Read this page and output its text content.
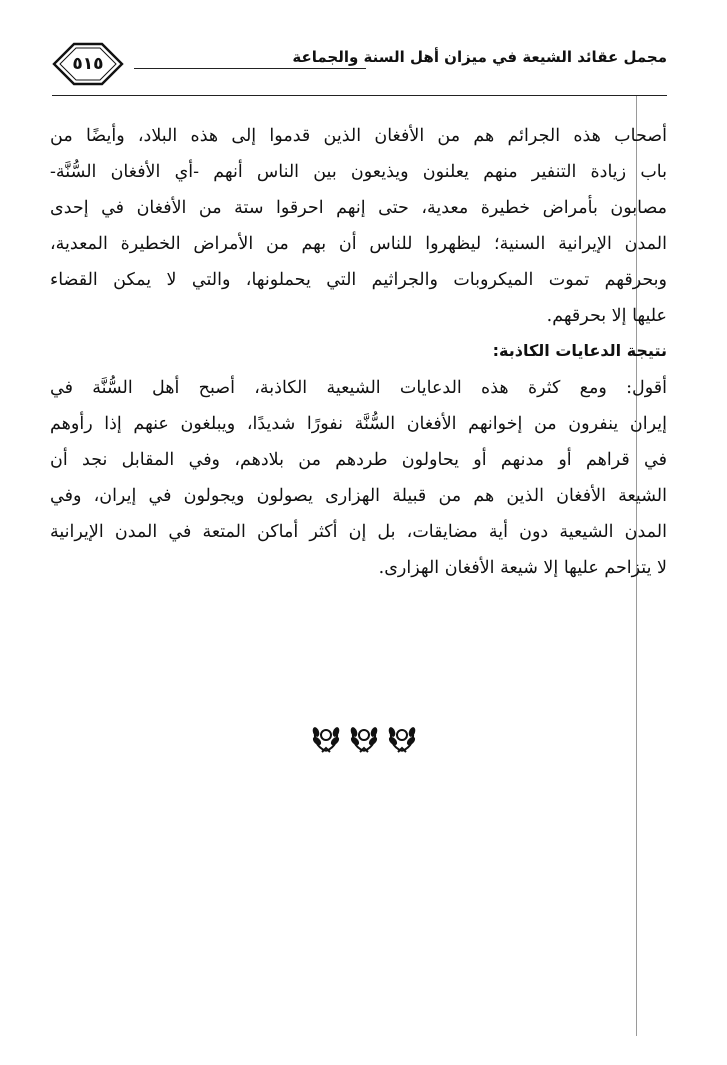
٥١٥	مجمل عقائد الشيعة في ميزان أهل السنة والجماعة
أصحاب هذه الجرائم هم من الأفغان الذين قدموا إلى هذه البلاد، وأيضًا من
باب زيادة التنفير منهم يعلنون ويذيعون بين الناس أنهم -أي الأفغان السُّنَّة-
مصابون بأمراض خطيرة معدية، حتى إنهم احرقوا ستة من الأفغان في إحدى
المدن الإيرانية السنية؛ ليظهروا للناس أن بهم من الأمراض الخطيرة المعدية،
وبحرقهم تموت الميكروبات والجراثيم التي يحملونها، والتي لا يمكن القضاء
عليها إلا بحرقهم.
نتيجة الدعايات الكاذبة:
أقول: ومع كثرة هذه الدعايات الشيعية الكاذبة، أصبح أهل السُّنَّة في
إيران ينفرون من إخوانهم الأفغان السُّنَّة نفورًا شديدًا، ويبلغون عنهم إذا رأوهم
في قراهم أو مدنهم أو يحاولون طردهم من بلادهم، وفي المقابل نجد أن
الشيعة الأفغان الذين هم من قبيلة الهزارى يصولون ويجولون في إيران، وفي
المدن الشيعية دون أية مضايقات، بل إن أكثر أماكن المتعة في المدن الإيرانية
لا يتزاحم عليها إلا شيعة الأفغان الهزارى.
